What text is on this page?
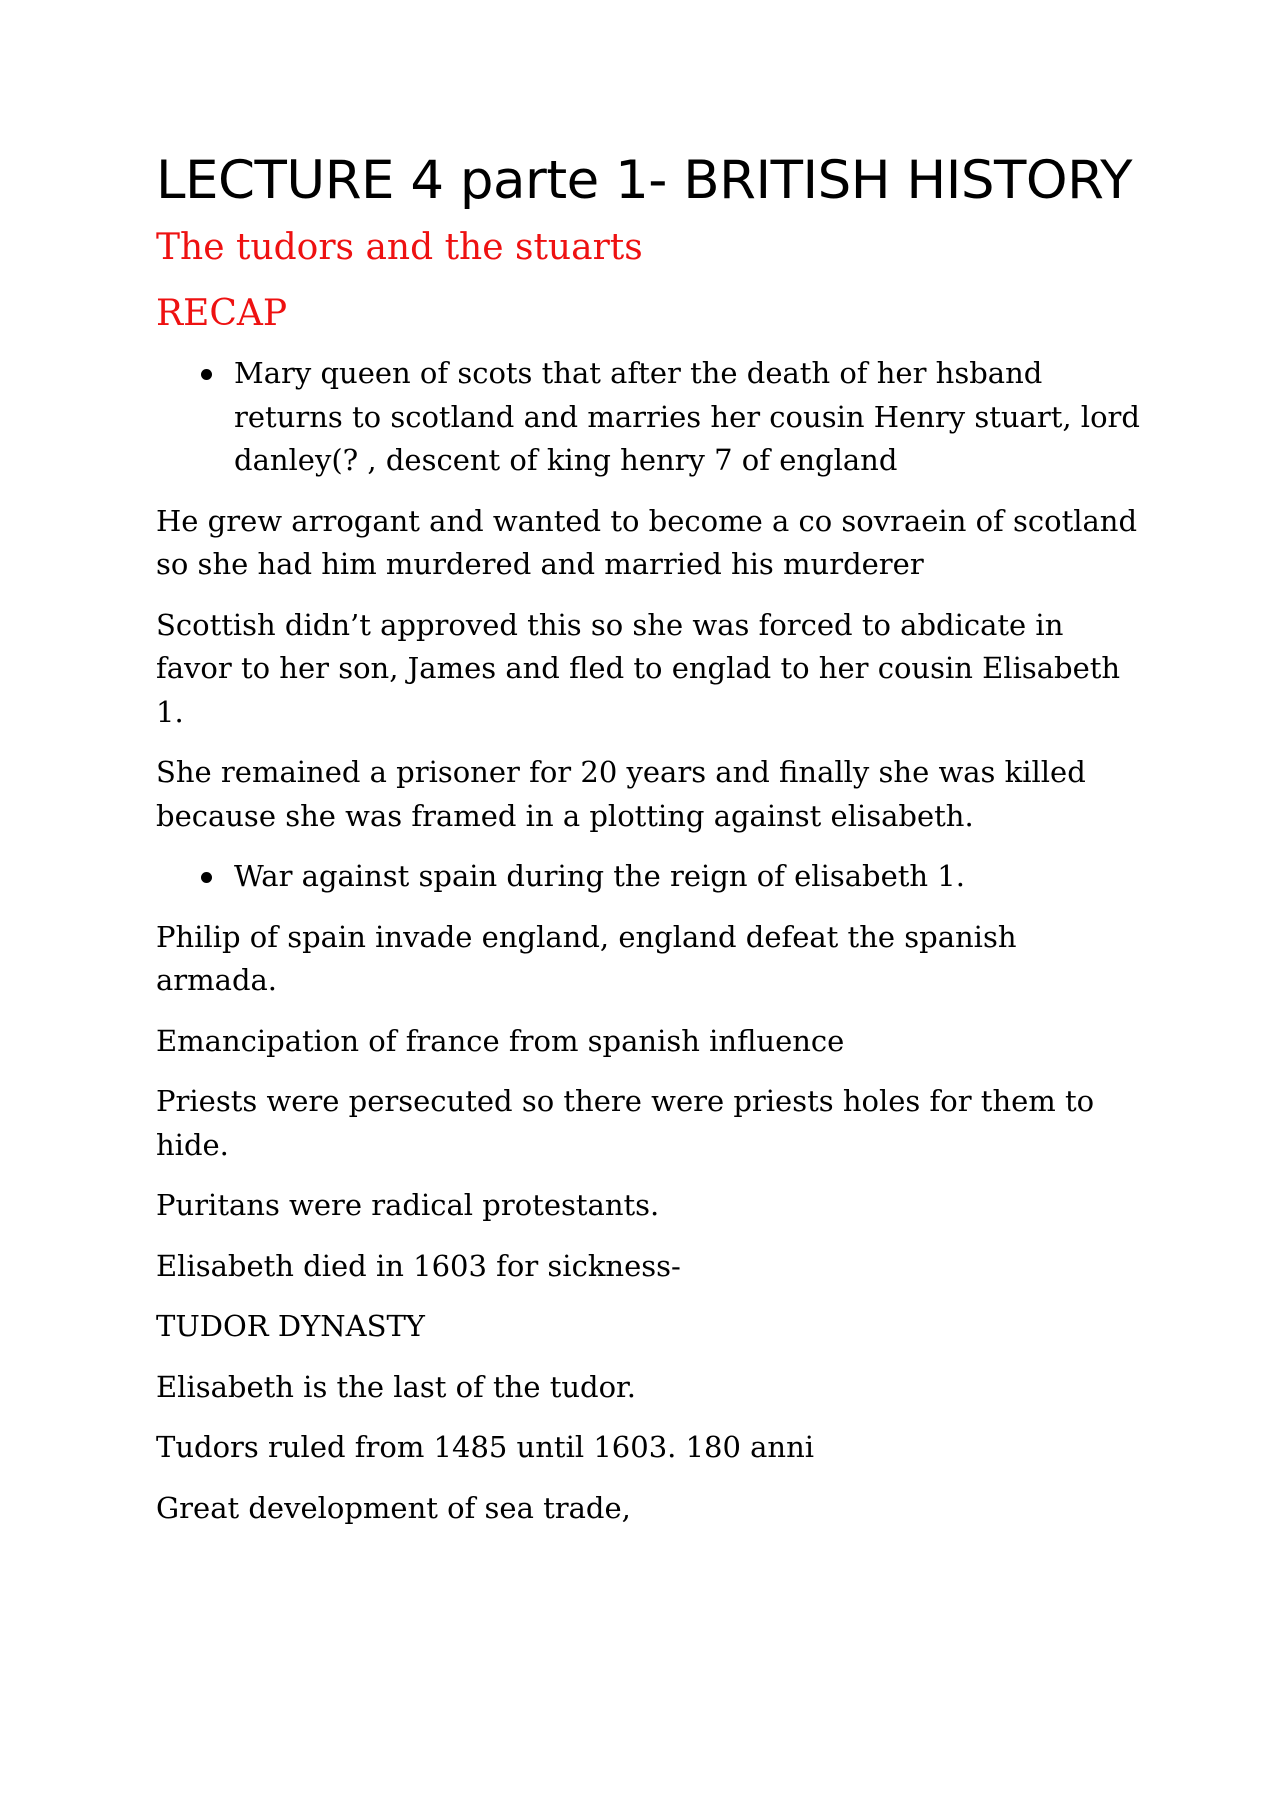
LECTURE 4 parte 1- BRITISH HISTORY
The tudors and the stuarts
RECAP
Mary queen of scots that after the death of her hsband returns to scotland and marries her cousin Henry stuart, lord danley(? , descent of king henry 7 of england

He grew arrogant and wanted to become a co sovraein of scotland so she had him murdered and married his murderer

Scottish didn’t approved this so she was forced to abdicate in favor to her son, James and fled to englad to her cousin Elisabeth 1.

She remained a prisoner for 20 years and finally she was killed because she was framed in a plotting against elisabeth.

War against spain during the reign of elisabeth 1.

Philip of spain invade england, england defeat the spanish armada.

Emancipation of france from spanish influence

Priests were persecuted so there were priests holes for them to hide.

Puritans were radical protestants.

Elisabeth died in 1603 for sickness-

TUDOR DYNASTY

Elisabeth is the last of the tudor.

Tudors ruled from 1485 until 1603. 180 anni

Great development of sea trade,
